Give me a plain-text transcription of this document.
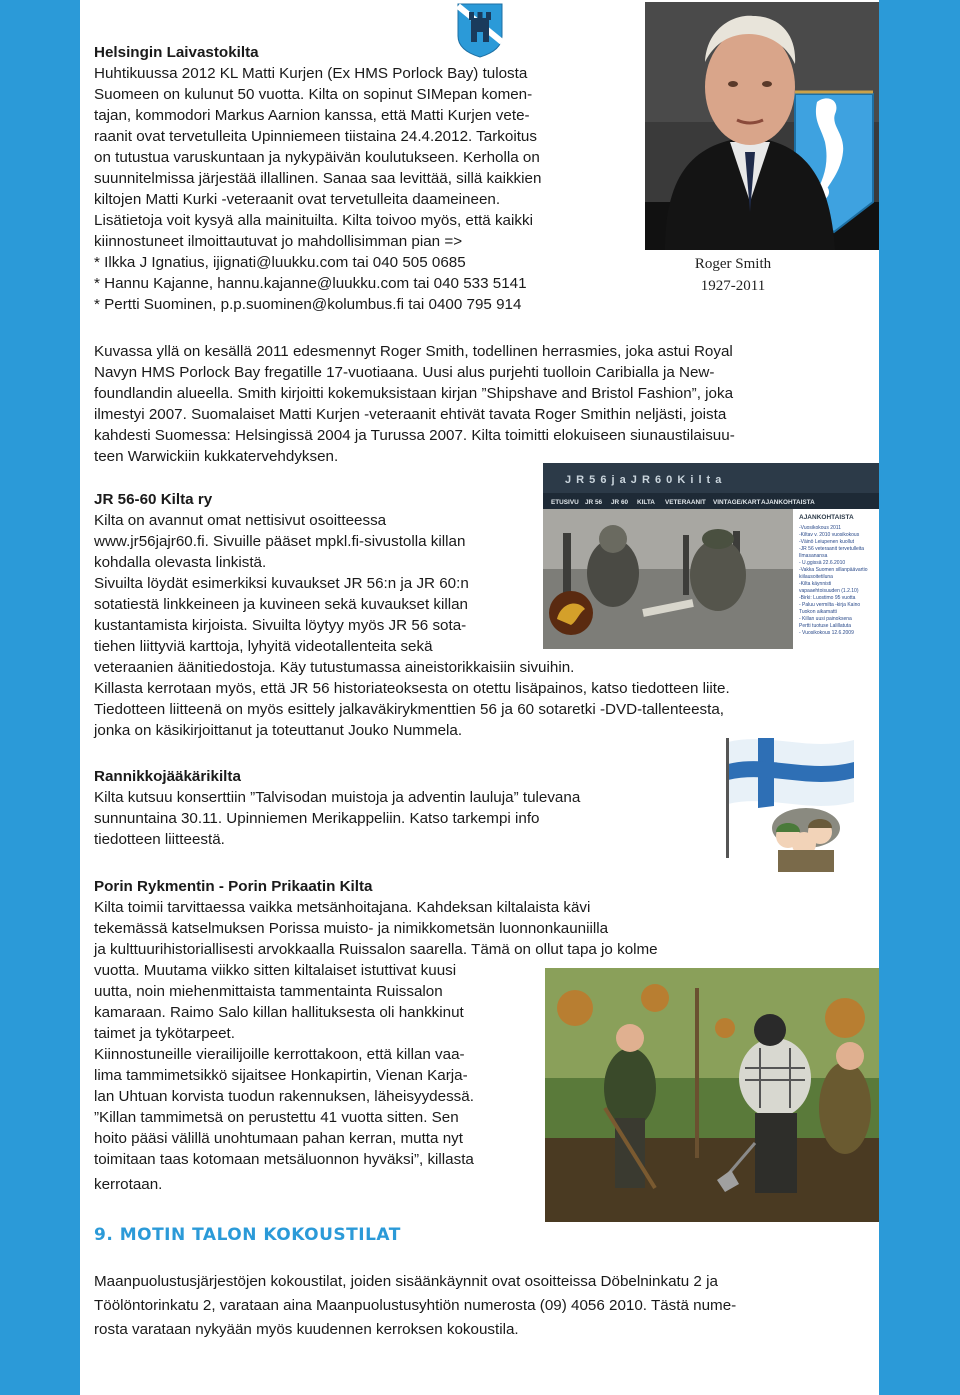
Helsingin Laivastokilta

Huhtikuussa 2012 KL Matti Kurjen (Ex HMS Porlock Bay) tulosta

Suomeen on kulunut 50 vuotta. Kilta on sopinut SIMepan komen-

tajan, kommodori Markus Aarnion kanssa, että Matti Kurjen vete-

raanit ovat tervetulleita Upinniemeen tiistaina 24.4.2012. Tarkoitus

on tutustua varuskuntaan ja nykypäivän koulutukseen. Kerholla on

suunnitelmissa järjestää illallinen. Sanaa saa levittää, sillä kaikkien

kiltojen Matti Kurki -veteraanit ovat tervetulleita daameineen.

Lisätietoja voit kysyä alla mainituilta. Kilta toivoo myös, että kaikki

kiinnostuneet ilmoittautuvat jo mahdollisimman pian =>

* Ilkka J Ignatius, ijignati@luukku.com tai 040 505 0685

* Hannu Kajanne, hannu.kajanne@luukku.com tai 040 533 5141

* Pertti Suominen, p.p.suominen@kolumbus.fi tai 0400 795 914

Roger Smith
1927-2011

Kuvassa yllä on kesällä 2011 edesmennyt Roger Smith, todellinen herrasmies, joka astui Royal

Navyn HMS Porlock Bay fregatille 17-vuotiaana. Uusi alus purjehti tuolloin Caribialla ja New-

foundlandin alueella. Smith kirjoitti kokemuksistaan kirjan ”Shipshave and Bristol Fashion”, joka

ilmestyi 2007. Suomalaiset Matti Kurjen -veteraanit ehtivät tavata Roger Smithin neljästi, joista

kahdesti Suomessa: Helsingissä 2004 ja Turussa 2007. Kilta toimitti elokuiseen siunaustilaisuu-

teen Warwickiin kukkatervehdyksen.

J R 5 6 j a J R 6 0 K i l t a
ETUSIVU JR 56 JR 60 KILTA VETERAANIT VINTAGE/KART AJANKOHTAISTA
AJANKOHTAISTA
-Vuosikokous 2011
-Kiltav v. 2010 vuosikokous
-Väinö Leiupenen kuollut
-JR 56 veteraanit tervetulleita
Ilmasanansa
- U.ggissä 22.6.2010
-Vakka Suomen sillanpäävartio
kiilausoitetiluna
-Kilta käynnisti
vapaaehtoisuuden (1.2.10)
-Birki: Luostimo 95 vuotta
- Paluu vermilta -kirja Kaino
Tuokon aikamatti
- Killan uusi painoksena
Pertti tuotuse Lalillatuta
- Vuosikokous 12.6.2009

JR 56-60 Kilta ry

Kilta on avannut omat nettisivut osoitteessa

www.jr56jajr60.fi. Sivuille pääset mpkl.fi-sivustolla killan

kohdalla olevasta linkistä.

Sivuilta löydät esimerkiksi kuvaukset JR 56:n ja JR 60:n

sotatiestä linkkeineen ja kuvineen sekä kuvaukset killan

kustantamista kirjoista. Sivuilta löytyy myös JR 56 sota-

tiehen liittyviä karttoja, lyhyitä videotallenteita sekä

veteraanien äänitiedostoja. Käy tutustumassa aineistorikkaisiin sivuihin.

Killasta kerrotaan myös, että JR 56 historiateoksesta on otettu lisäpainos, katso tiedotteen liite.

Tiedotteen liitteenä on myös esittely jalkaväkirykmenttien 56 ja 60 sotaretki -DVD-tallenteesta,

jonka on käsikirjoittanut ja toteuttanut Jouko Nummela.

Rannikkojääkärikilta

Kilta kutsuu konserttiin ”Talvisodan muistoja ja adventin lauluja” tulevana

sunnuntaina 30.11. Upinniemen Merikappeliin. Katso tarkempi info

tiedotteen liitteestä.

Porin Rykmentin - Porin Prikaatin Kilta

Kilta toimii tarvittaessa vaikka metsänhoitajana. Kahdeksan kiltalaista kävi

tekemässä katselmuksen Porissa muisto- ja nimikkometsän luonnonkauniilla

ja kulttuurihistoriallisesti arvokkaalla Ruissalon saarella. Tämä on ollut tapa jo kolme

vuotta. Muutama viikko sitten kiltalaiset istuttivat kuusi

uutta, noin miehenmittaista tammentainta Ruissalon

kamaraan. Raimo Salo killan hallituksesta oli hankkinut

taimet ja tykötarpeet.

Kiinnostuneille vierailijoille kerrottakoon, että killan vaa-

lima tammimetsikkö sijaitsee Honkapirtin, Vienan Karja-

lan Uhtuan korvista tuodun rakennuksen, läheisyydessä.

”Killan tammimetsä on perustettu 41 vuotta sitten. Sen

hoito pääsi välillä unohtumaan pahan kerran, mutta nyt

toimitaan taas kotomaan metsäluonnon hyväksi”, killasta

kerrotaan.

9. MOTIN TALON KOKOUSTILAT

Maanpuolustusjärjestöjen kokoustilat, joiden sisäänkäynnit ovat osoitteissa Döbelninkatu 2 ja

Töölöntorinkatu 2, varataan aina Maanpuolustusyhtiön numerosta (09) 4056 2010. Tästä nume-

rosta varataan nykyään myös kuudennen kerroksen kokoustila.
